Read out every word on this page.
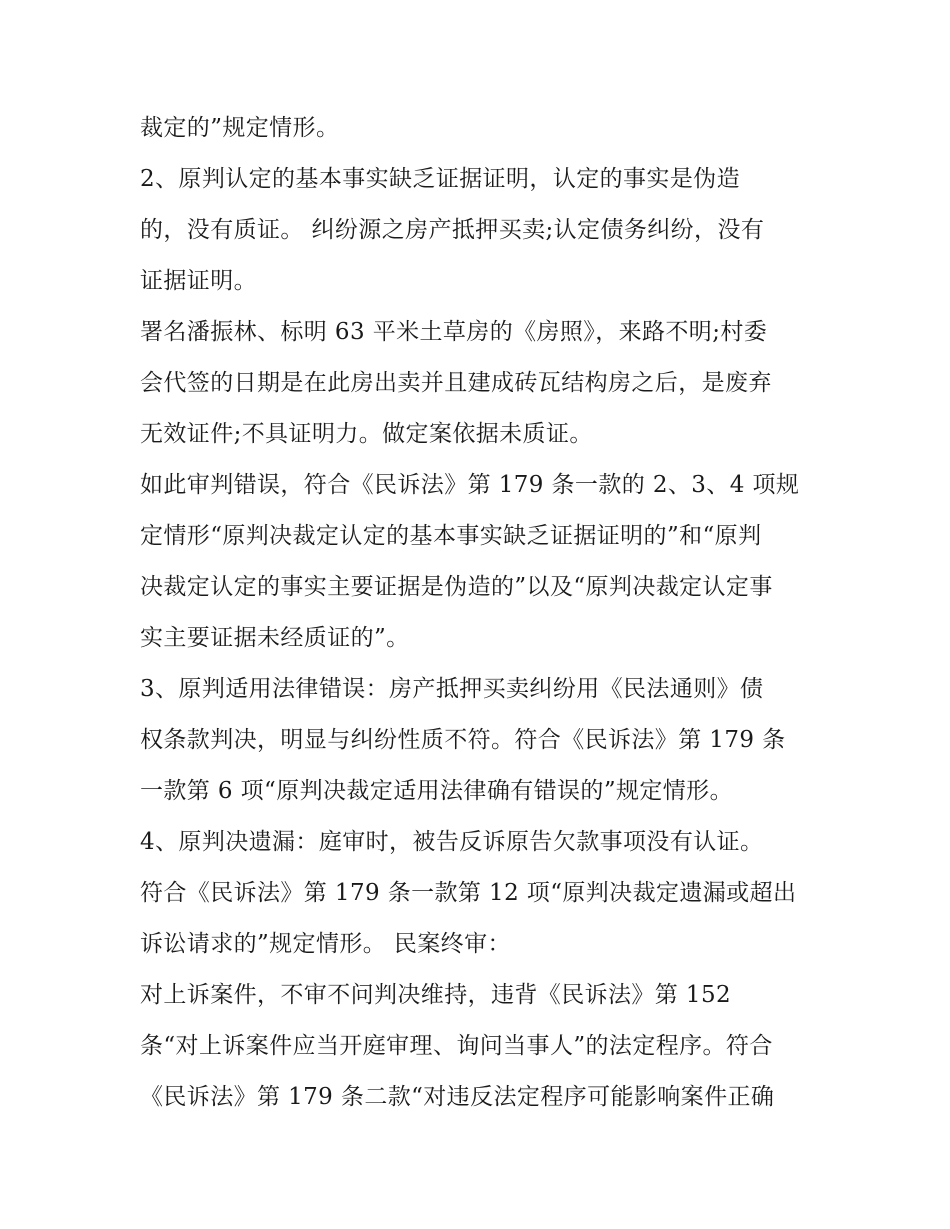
裁定的”规定情形。
2、原判认定的基本事实缺乏证据证明，认定的事实是伪造
的，没有质证。 纠纷源之房产抵押买卖;认定债务纠纷，没有
证据证明。
署名潘振林、标明 63 平米土草房的《房照》，来路不明;村委
会代签的日期是在此房出卖并且建成砖瓦结构房之后，是废弃
无效证件;不具证明力。做定案依据未质证。
如此审判错误，符合《民诉法》第 179 条一款的 2、3、4 项规
定情形“原判决裁定认定的基本事实缺乏证据证明的”和“原判
决裁定认定的事实主要证据是伪造的”以及“原判决裁定认定事
实主要证据未经质证的”。
3、原判适用法律错误：房产抵押买卖纠纷用《民法通则》债
权条款判决，明显与纠纷性质不符。符合《民诉法》第 179 条
一款第 6 项“原判决裁定适用法律确有错误的”规定情形。
4、原判决遗漏：庭审时，被告反诉原告欠款事项没有认证。
符合《民诉法》第 179 条一款第 12 项“原判决裁定遗漏或超出
诉讼请求的”规定情形。 民案终审：
对上诉案件，不审不问判决维持，违背《民诉法》第 152
条“对上诉案件应当开庭审理、询问当事人”的法定程序。符合
《民诉法》第 179 条二款“对违反法定程序可能影响案件正确
